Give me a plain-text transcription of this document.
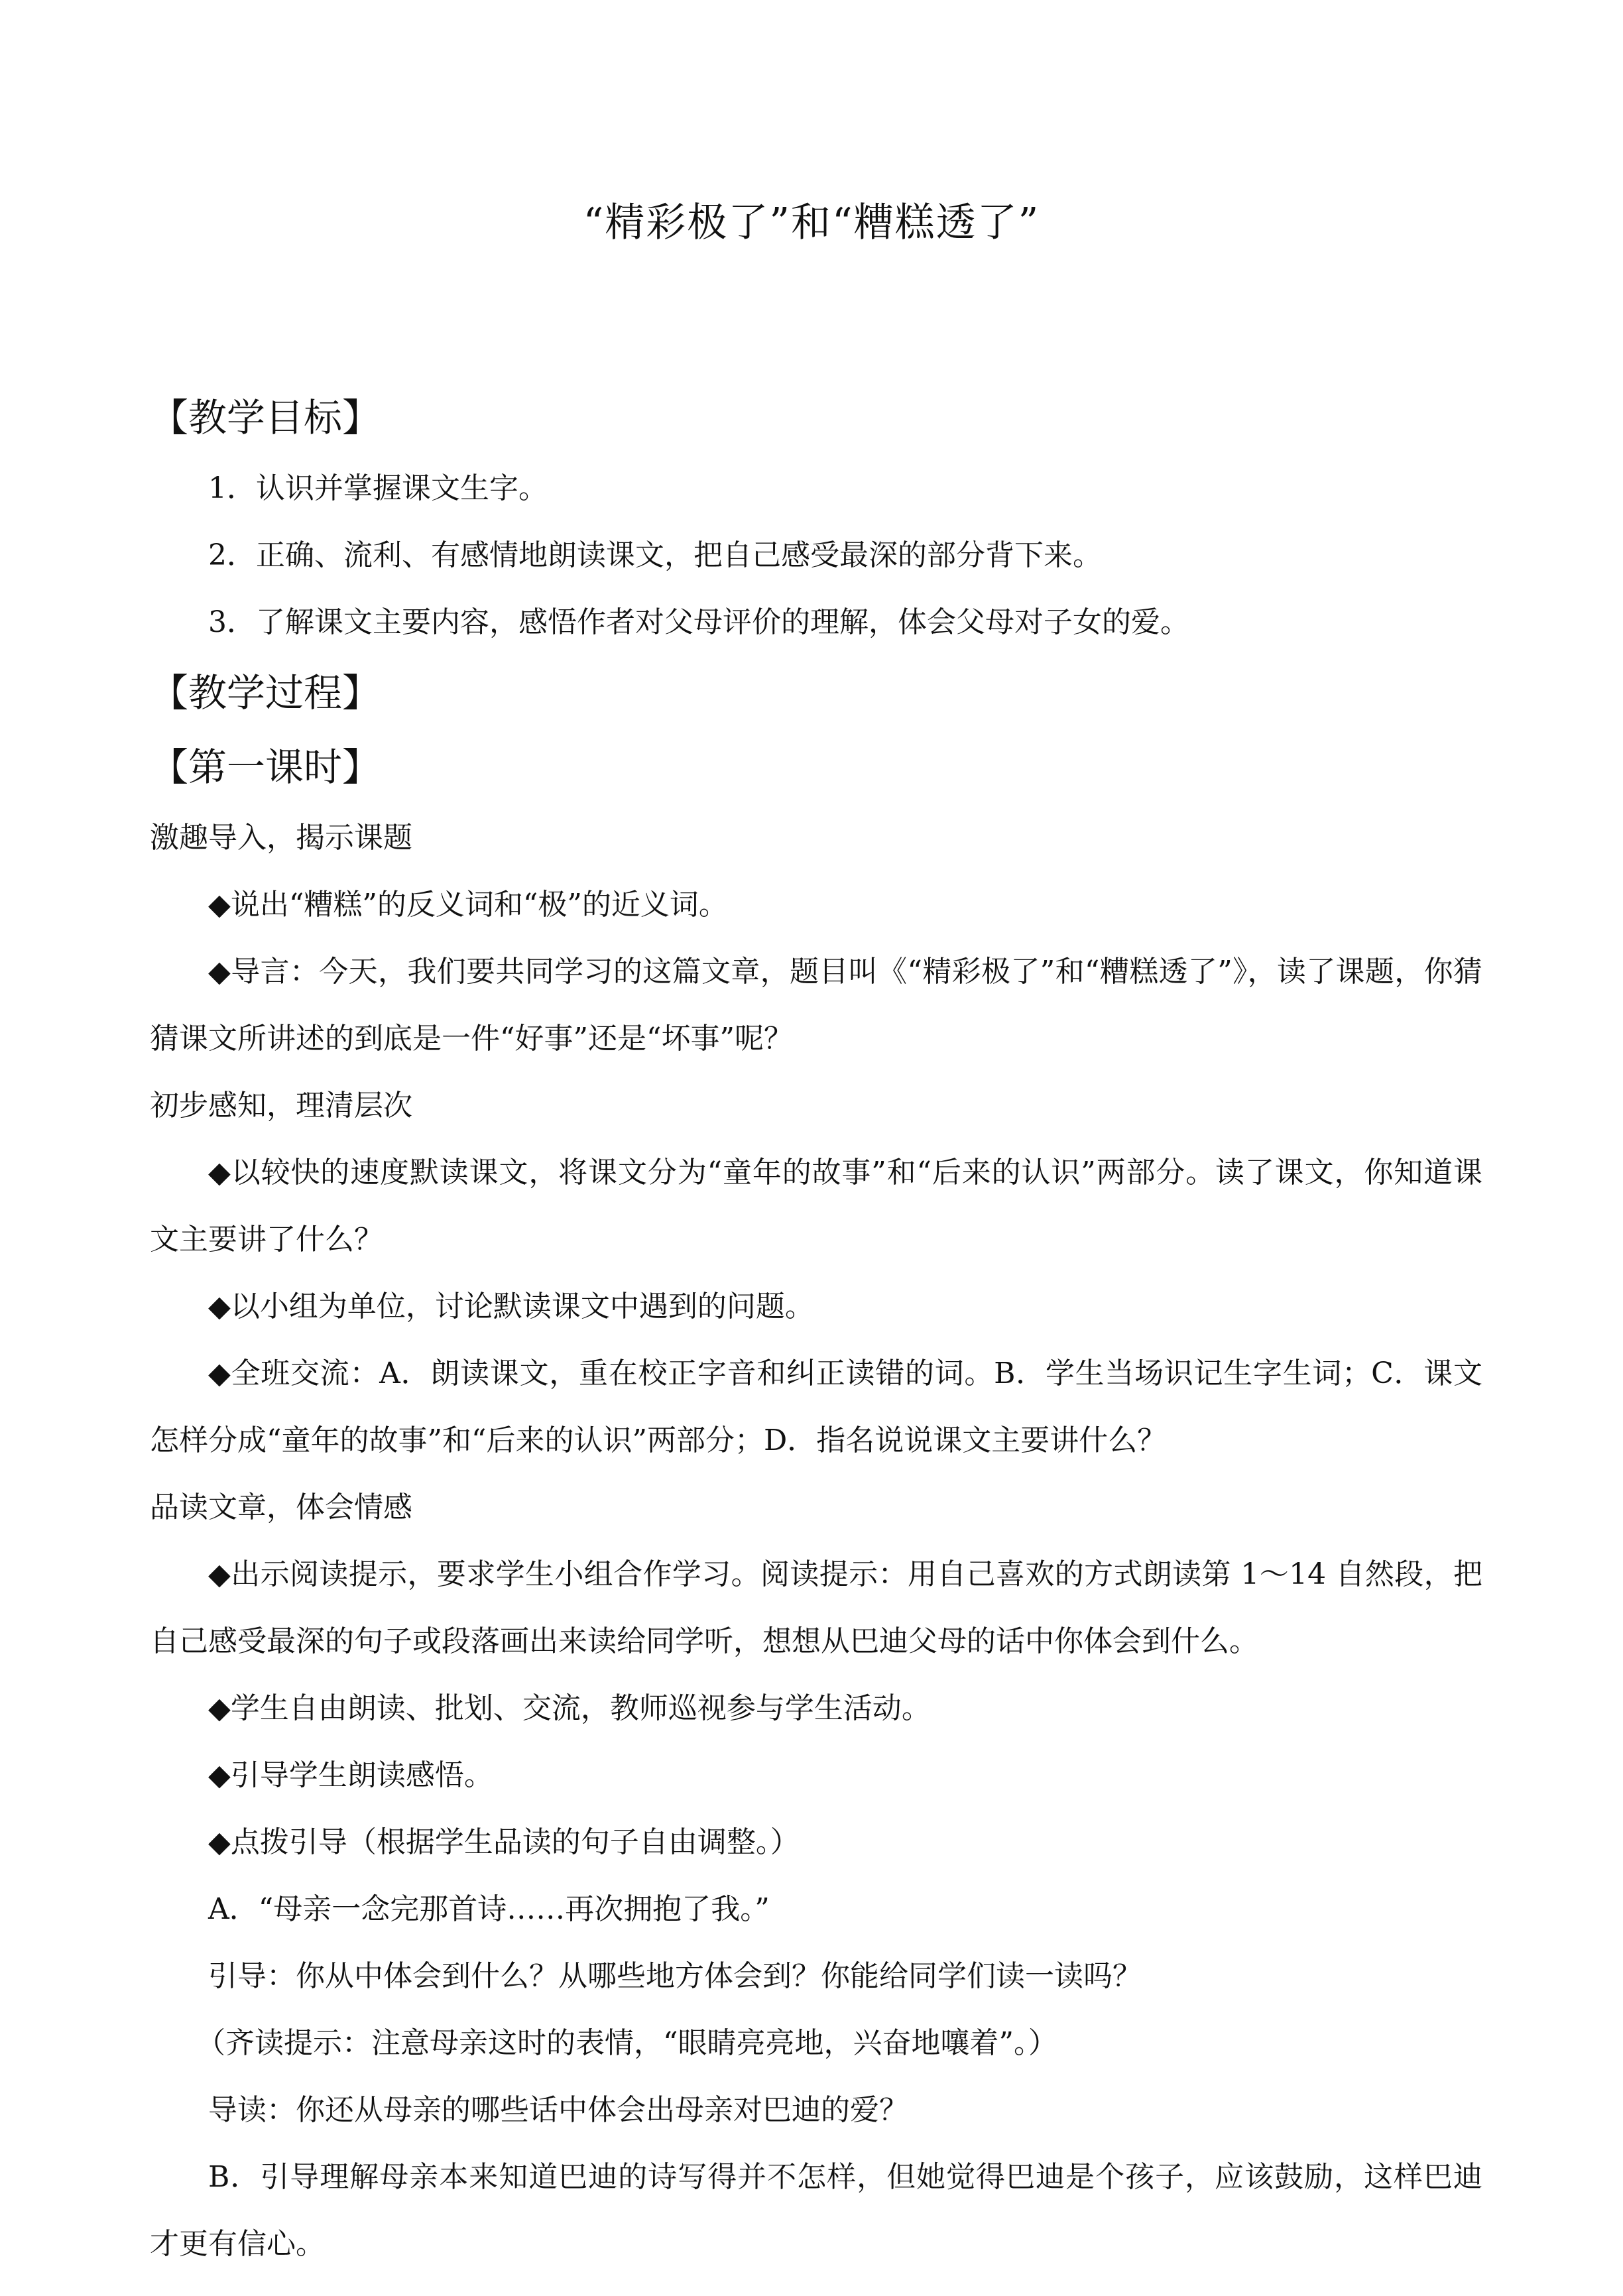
“精彩极了”和“糟糕透了”
【教学目标】
1．认识并掌握课文生字。
2．正确、流利、有感情地朗读课文，把自己感受最深的部分背下来。
3．了解课文主要内容，感悟作者对父母评价的理解，体会父母对子女的爱。
【教学过程】
【第一课时】
激趣导入，揭示课题
◆说出“糟糕”的反义词和“极”的近义词。
◆导言：今天，我们要共同学习的这篇文章，题目叫《“精彩极了”和“糟糕透了”》，读了课题，你猜猜课文所讲述的到底是一件“好事”还是“坏事”呢？
初步感知，理清层次
◆以较快的速度默读课文，将课文分为“童年的故事”和“后来的认识”两部分。读了课文，你知道课文主要讲了什么？
◆以小组为单位，讨论默读课文中遇到的问题。
◆全班交流：A．朗读课文，重在校正字音和纠正读错的词。B．学生当场识记生字生词；C．课文怎样分成“童年的故事”和“后来的认识”两部分；D．指名说说课文主要讲什么？
品读文章，体会情感
◆出示阅读提示，要求学生小组合作学习。阅读提示：用自己喜欢的方式朗读第 1～14 自然段，把自己感受最深的句子或段落画出来读给同学听，想想从巴迪父母的话中你体会到什么。
◆学生自由朗读、批划、交流，教师巡视参与学生活动。
◆引导学生朗读感悟。
◆点拨引导（根据学生品读的句子自由调整。）
A．“母亲一念完那首诗……再次拥抱了我。”
引导：你从中体会到什么？从哪些地方体会到？你能给同学们读一读吗？
（齐读提示：注意母亲这时的表情，“眼睛亮亮地，兴奋地嚷着”。）
导读：你还从母亲的哪些话中体会出母亲对巴迪的爱？
B．引导理解母亲本来知道巴迪的诗写得并不怎样，但她觉得巴迪是个孩子，应该鼓励，这样巴迪才更有信心。
